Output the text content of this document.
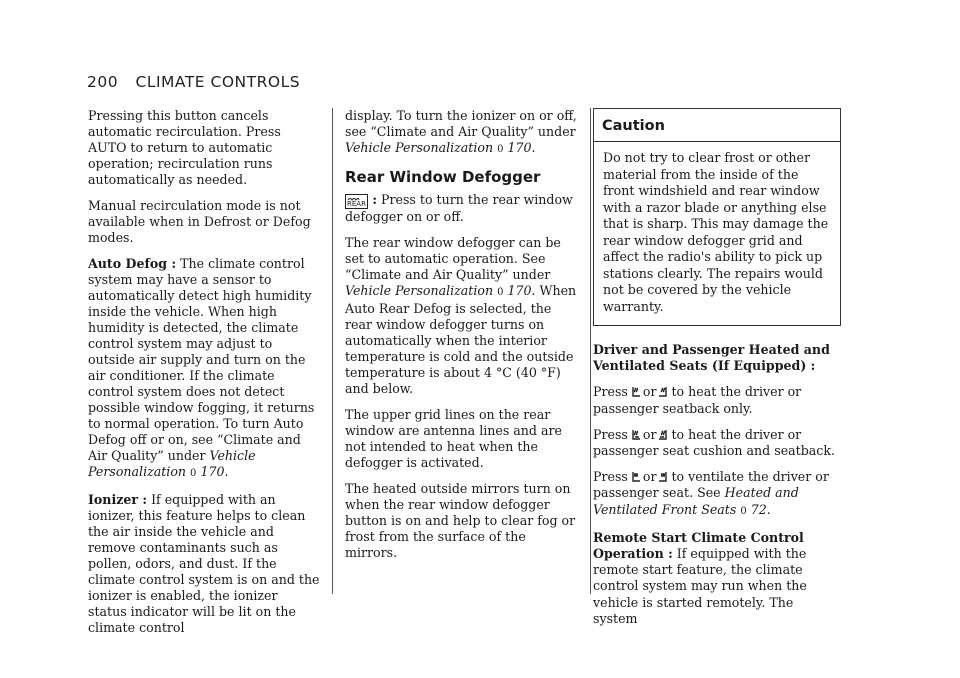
200 CLIMATE CONTROLS

Pressing this button cancels automatic recirculation. Press AUTO to return to automatic operation; recirculation runs automatically as needed.

Manual recirculation mode is not available when in Defrost or Defog modes.

Auto Defog : The climate control system may have a sensor to automatically detect high humidity inside the vehicle. When high humidity is detected, the climate control system may adjust to outside air supply and turn on the air conditioner. If the climate control system does not detect possible window fogging, it returns to normal operation. To turn Auto Defog off or on, see “Climate and Air Quality” under Vehicle Personalization 0 170.

Ionizer : If equipped with an ionizer, this feature helps to clean the air inside the vehicle and remove contaminants such as pollen, odors, and dust. If the climate control system is on and the ionizer is enabled, the ionizer status indicator will be lit on the climate control

display. To turn the ionizer on or off, see “Climate and Air Quality” under Vehicle Personalization 0 170.

Rear Window Defogger

REAR : Press to turn the rear window defogger on or off.

The rear window defogger can be set to automatic operation. See “Climate and Air Quality” under Vehicle Personalization 0 170. When Auto Rear Defog is selected, the rear window defogger turns on automatically when the interior temperature is cold and the outside temperature is about 4 °C (40 °F) and below.

The upper grid lines on the rear window are antenna lines and are not intended to heat when the defogger is activated.

The heated outside mirrors turn on when the rear window defogger button is on and help to clear fog or frost from the surface of the mirrors.

Caution
Do not try to clear frost or other material from the inside of the front windshield and rear window with a razor blade or anything else that is sharp. This may damage the rear window defogger grid and affect the radio's ability to pick up stations clearly. The repairs would not be covered by the vehicle warranty.

Driver and Passenger Heated and Ventilated Seats (If Equipped) :

Press or to heat the driver or passenger seatback only.

Press or to heat the driver or passenger seat cushion and seatback.

Press or to ventilate the driver or passenger seat. See Heated and Ventilated Front Seats 0 72.

Remote Start Climate Control Operation : If equipped with the remote start feature, the climate control system may run when the vehicle is started remotely. The system
